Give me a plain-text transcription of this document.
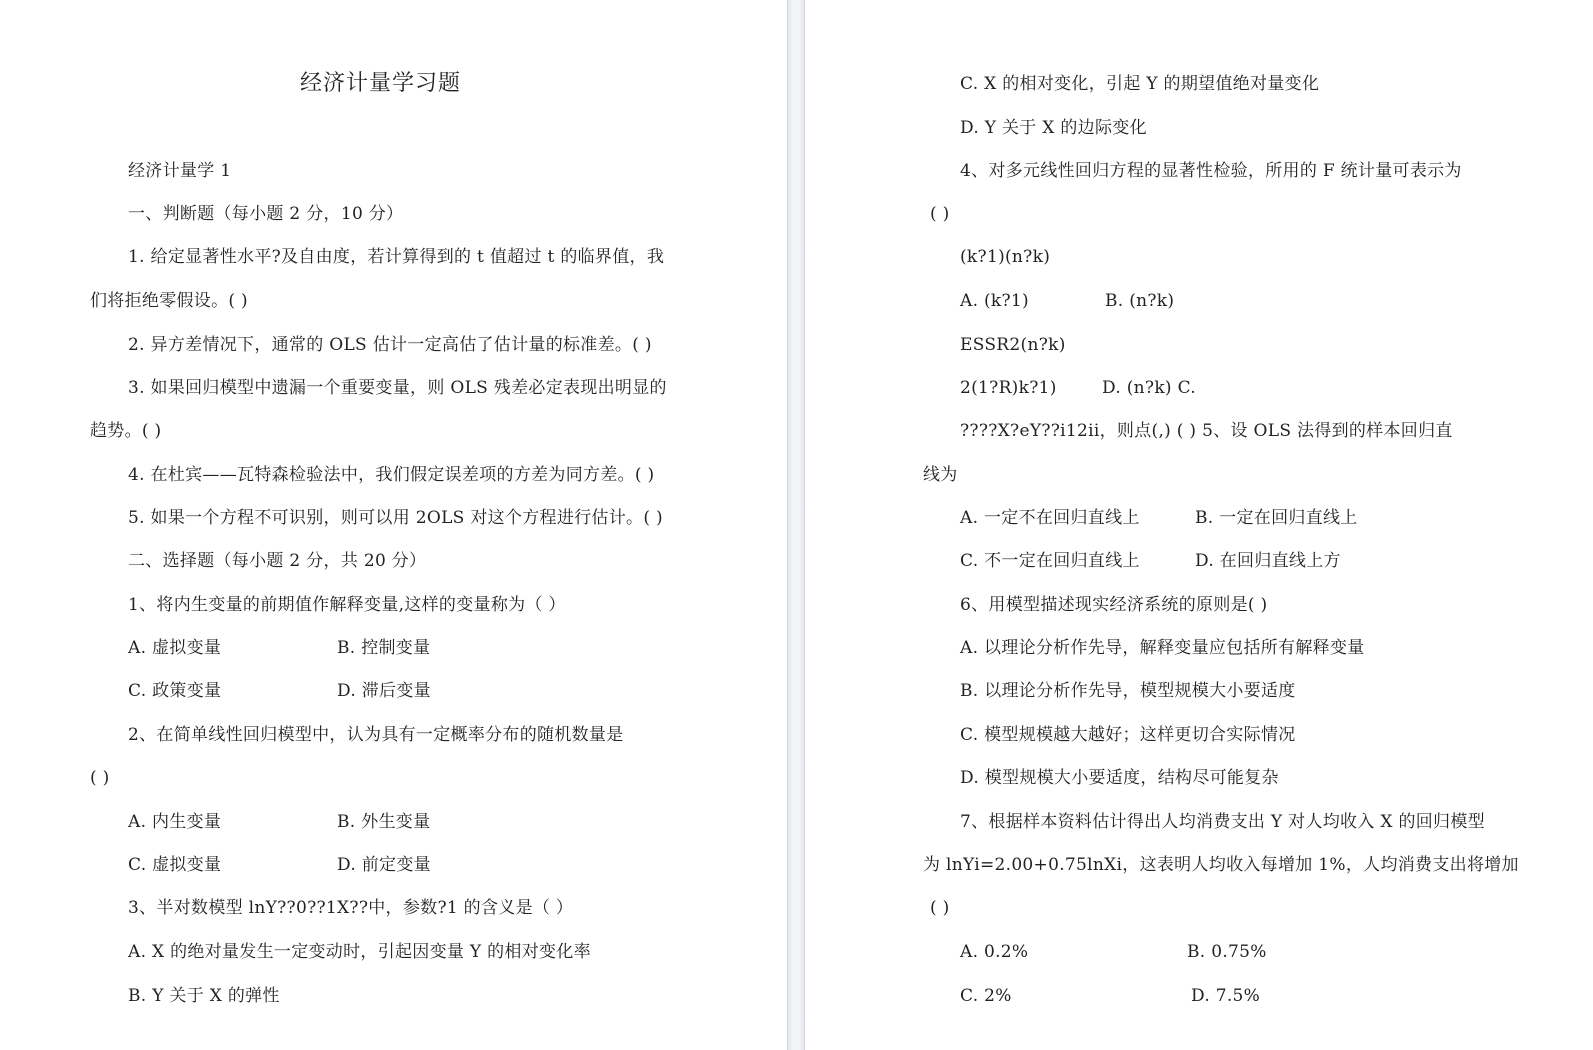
经济计量学习题
经济计量学 1
一、判断题（每小题 2 分，10 分）
1. 给定显著性水平?及自由度，若计算得到的 t 值超过 t 的临界值，我
们将拒绝零假设。( )
2. 异方差情况下，通常的 OLS 估计一定高估了估计量的标准差。( )
3. 如果回归模型中遗漏一个重要变量，则 OLS 残差必定表现出明显的
趋势。( )
4. 在杜宾——瓦特森检验法中，我们假定误差项的方差为同方差。( )
5. 如果一个方程不可识别，则可以用 2OLS 对这个方程进行估计。( )
二、选择题（每小题 2 分，共 20 分）
1、将内生变量的前期值作解释变量,这样的变量称为（ ）
A. 虚拟变量	B. 控制变量
C. 政策变量	D. 滞后变量
2、在简单线性回归模型中，认为具有一定概率分布的随机数量是
( )
A. 内生变量	B. 外生变量
C. 虚拟变量	D. 前定变量
3、半对数模型 lnY??0??1X??中，参数?1 的含义是（ ）
A. X 的绝对量发生一定变动时，引起因变量 Y 的相对变化率
B. Y 关于 X 的弹性
C. X 的相对变化，引起 Y 的期望值绝对量变化
D. Y 关于 X 的边际变化
4、对多元线性回归方程的显著性检验，所用的 F 统计量可表示为
( )
(k?1)(n?k)
A. (k?1)	B. (n?k)
ESSR2(n?k)
2(1?R)k?1)	D. (n?k) C.
????X?eY??i12ii，则点(,) ( ) 5、设 OLS 法得到的样本回归直
线为
A. 一定不在回归直线上	B. 一定在回归直线上
C. 不一定在回归直线上	D. 在回归直线上方
6、用模型描述现实经济系统的原则是( )
A. 以理论分析作先导，解释变量应包括所有解释变量
B. 以理论分析作先导，模型规模大小要适度
C. 模型规模越大越好；这样更切合实际情况
D. 模型规模大小要适度，结构尽可能复杂
7、根据样本资料估计得出人均消费支出 Y 对人均收入 X 的回归模型
为 lnYi=2.00+0.75lnXi，这表明人均收入每增加 1%，人均消费支出将增加
( )
A. 0.2%	B. 0.75%
C. 2%	D. 7.5%
